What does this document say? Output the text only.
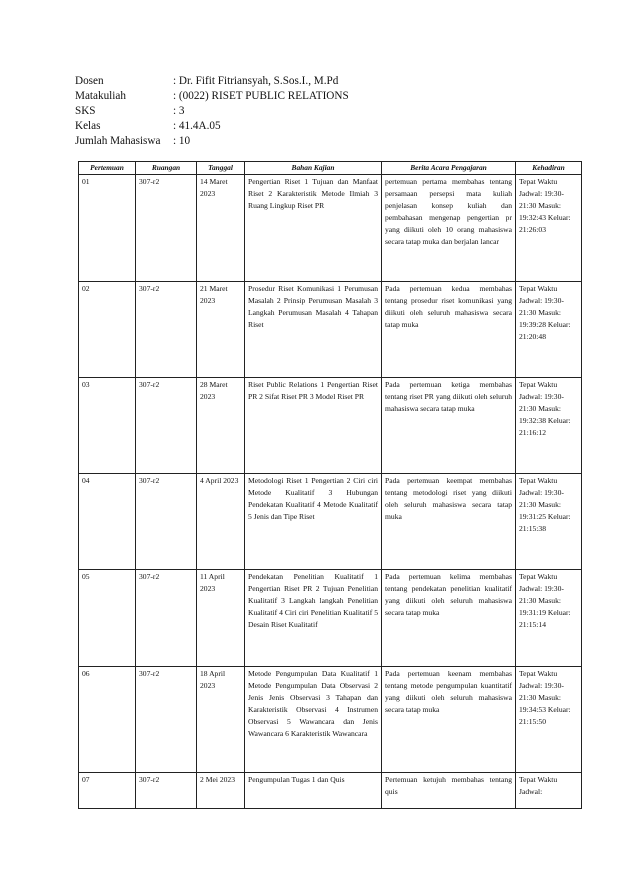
Dosen	: Dr. Fifit Fitriansyah, S.Sos.I., M.Pd
Matakuliah	: (0022) RISET PUBLIC RELATIONS
SKS	: 3
Kelas	: 41.4A.05
Jumlah Mahasiswa	: 10
Pertemuan	Ruangan	Tanggal	Bahan Kajian	Berita Acara Pengajaran	Kehadiran
01	307-r2	14 Maret 2023	Pengertian Riset 1 Tujuan dan Manfaat Riset 2 Karakteristik Metode Ilmiah 3 Ruang Lingkup Riset PR	pertemuan pertama membahas tentang persamaan persepsi mata kuliah penjelasan konsep kuliah dan pembahasan mengenap pengertian pr yang diikuti oleh 10 orang mahasiswa secara tatap muka dan berjalan lancar	Tepat Waktu Jadwal: 19:30-21:30 Masuk: 19:32:43 Keluar: 21:26:03
02	307-r2	21 Maret 2023	Prosedur Riset Komunikasi 1 Perumusan Masalah 2 Prinsip Perumusan Masalah 3 Langkah Perumusan Masalah 4 Tahapan Riset	Pada pertemuan kedua membahas tentang prosedur riset komunikasi yang diikuti oleh seluruh mahasiswa secara tatap muka	Tepat Waktu Jadwal: 19:30-21:30 Masuk: 19:39:28 Keluar: 21:20:48
03	307-r2	28 Maret 2023	Riset Public Relations 1 Pengertian Riset PR 2 Sifat Riset PR 3 Model Riset PR	Pada pertemuan ketiga membahas tentang riset PR yang diikuti oleh seluruh mahasiswa secara tatap muka	Tepat Waktu Jadwal: 19:30-21:30 Masuk: 19:32:38 Keluar: 21:16:12
04	307-r2	4 April 2023	Metodologi Riset 1 Pengertian 2 Ciri ciri Metode Kualitatif 3 Hubungan Pendekatan Kualitatif 4 Metode Kualitatif 5 Jenis dan Tipe Riset	Pada pertemuan keempat membahas tentang metodologi riset yang diikuti oleh seluruh mahasiswa secara tatap muka	Tepat Waktu Jadwal: 19:30-21:30 Masuk: 19:31:25 Keluar: 21:15:38
05	307-r2	11 April 2023	Pendekatan Penelitian Kualitatif 1 Pengertian Riset PR 2 Tujuan Penelitian Kualitatif 3 Langkah langkah Penelitian Kualitatif 4 Ciri ciri Penelitian Kualitatif 5 Desain Riset Kualitatif	Pada pertemuan kelima membahas tentang pendekatan penelitian kualitatif yang diikuti oleh seluruh mahasiswa secara tatap muka	Tepat Waktu Jadwal: 19:30-21:30 Masuk: 19:31:19 Keluar: 21:15:14
06	307-r2	18 April 2023	Metode Pengumpulan Data Kualitatif 1 Metode Pengumpulan Data Observasi 2 Jenis Jenis Observasi 3 Tahapan dan Karakteristik Observasi 4 Instrumen Observasi 5 Wawancara dan Jenis Wawancara 6 Karakteristik Wawancara	Pada pertemuan keenam membahas tentang metode pengumpulan kuantitatif yang diikuti oleh seluruh mahasiswa secara tatap muka	Tepat Waktu Jadwal: 19:30-21:30 Masuk: 19:34:53 Keluar: 21:15:50
07	307-r2	2 Mei 2023	Pengumpulan Tugas 1 dan Quis	Pertemuan ketujuh membahas tentang quis	Tepat Waktu Jadwal:
